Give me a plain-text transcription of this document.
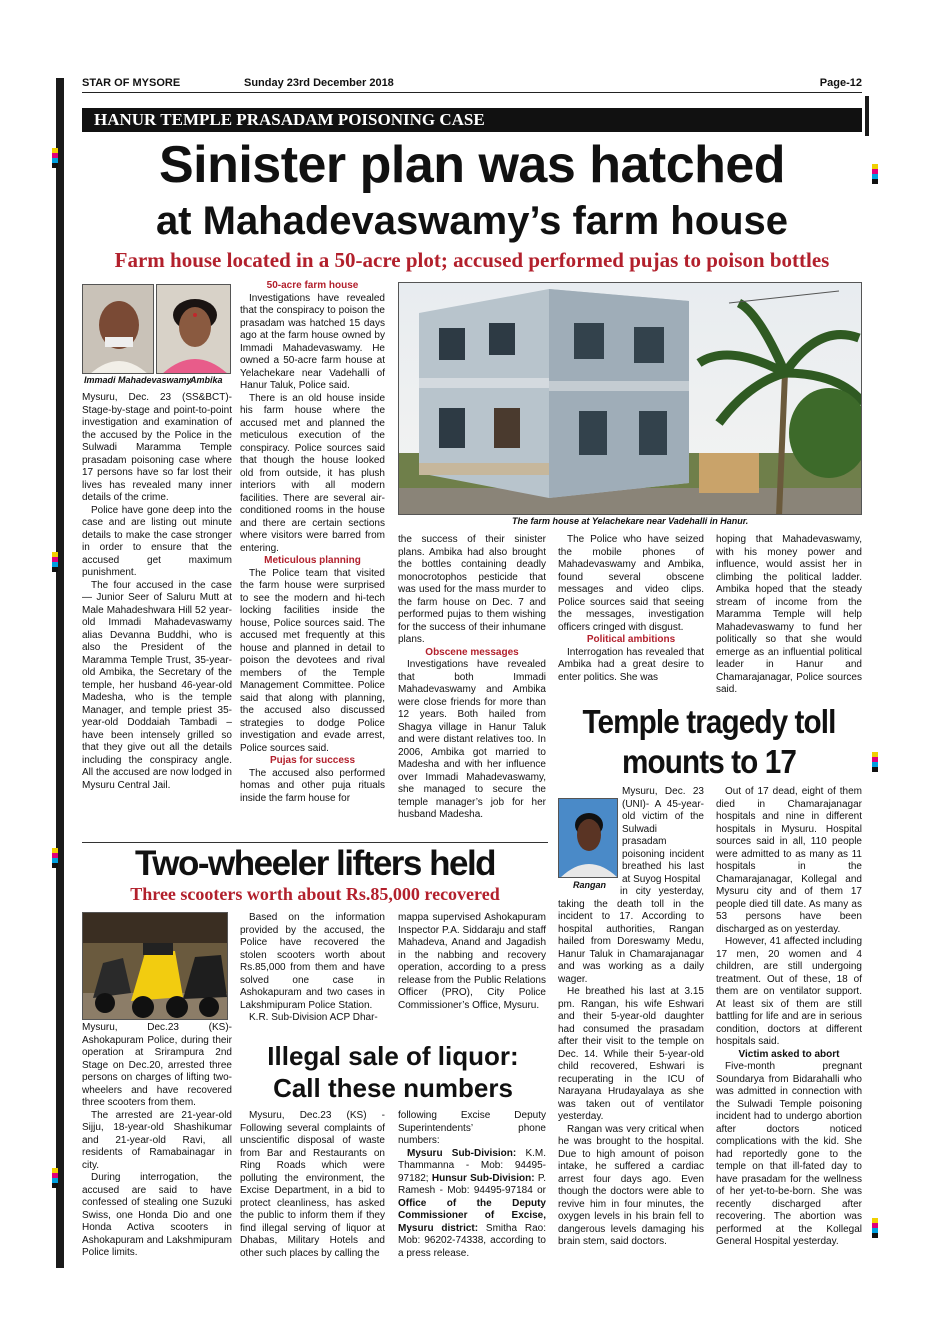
STAR OF MYSORE	Sunday 23rd December 2018	Page-12
HANUR TEMPLE PRASADAM POISONING CASE
Sinister plan was hatched
at Mahadevaswamy’s farm house
Farm house located in a 50-acre plot; accused performed pujas to poison bottles
Immadi Mahadevaswamy
Ambika

Mysuru, Dec. 23 (SS&BCT)- Stage-by-stage and point-to-point investigation and examination of the accused by the Police in the Sulwadi Maramma Temple prasadam poisoning case where 17 persons have so far lost their lives has revealed many inner details of the crime.

Police have gone deep into the case and are listing out minute details to make the case stronger in order to ensure that the accused get maximum punishment.

The four accused in the case — Junior Seer of Saluru Mutt at Male Mahadeshwara Hill 52 year-old Immadi Mahadevaswamy alias Devanna Buddhi, who is also the President of the Maramma Temple Trust, 35-year-old Ambika, the Secretary of the temple, her husband 46-year-old Madesha, who is the temple Manager, and temple priest 35-year-old Doddaiah Tambadi – have been intensely grilled so that they give out all the details including the conspiracy angle. All the accused are now lodged in Mysuru Central Jail.

50-acre farm house

Investigations have revealed that the conspiracy to poison the prasadam was hatched 15 days ago at the farm house owned by Immadi Mahadevaswamy. He owned a 50-acre farm house at Yelachekare near Vadehalli of Hanur Taluk, Police said.

There is an old house inside his farm house where the accused met and planned the meticulous execution of the conspiracy. Police sources said that though the house looked old from outside, it has plush interiors with all modern facilities. There are several air-conditioned rooms in the house and there are certain sections where visitors were barred from entering.

Meticulous planning

The Police team that visited the farm house were surprised to see the modern and hi-tech locking facilities inside the house, Police sources said. The accused met frequently at this house and planned in detail to poison the devotees and rival members of the Temple Management Committee. Police said that along with planning, the accused also discussed strategies to dodge Police investigation and evade arrest, Police sources said.

Pujas for success

The accused also performed homas and other puja rituals inside the farm house for

The farm house at Yelachekare near Vadehalli in Hanur.

the success of their sinister plans. Ambika had also brought the bottles containing deadly monocrotophos pesticide that was used for the mass murder to the farm house on Dec. 7 and performed pujas to them wishing for the success of their inhumane plans.

Obscene messages

Investigations have revealed that both Immadi Mahadevaswamy and Ambika were close friends for more than 12 years. Both hailed from Shagya village in Hanur Taluk and were distant relatives too. In 2006, Ambika got married to Madesha and with her influence over Immadi Mahadevaswamy, she managed to secure the temple manager’s job for her husband Madesha.

The Police who have seized the mobile phones of Mahadevaswamy and Ambika, found several obscene messages and video clips. Police sources said that seeing the messages, investigation officers cringed with disgust.

Political ambitions

Interrogation has revealed that Ambika had a great desire to enter politics. She was

hoping that Mahadevaswamy, with his money power and influence, would assist her in climbing the political ladder. Ambika hoped that the steady stream of income from the Maramma Temple will help Mahadevaswamy to fund her politically so that she would emerge as an influential political leader in Hanur and Chamarajanagar, Police sources said.

Temple tragedy toll
mounts to 17
Rangan

Mysuru, Dec. 23 (UNI)- A 45-year-old victim of the Sulwadi prasadam poisoning incident breathed his last at Suyog Hospital

in city yesterday, taking the death toll in the incident to 17. According to hospital authorities, Rangan hailed from Doreswamy Medu, Hanur Taluk in Chamarajanagar and was working as a daily wager.

He breathed his last at 3.15 pm. Rangan, his wife Eshwari and their 5-year-old daughter had consumed the prasadam after their visit to the temple on Dec. 14. While their 5-year-old child recovered, Eshwari is recuperating in the ICU of Narayana Hrudayalaya as she was taken out of ventilator yesterday.

Rangan was very critical when he was brought to the hospital. Due to high amount of poison intake, he suffered a cardiac arrest four days ago. Even though the doctors were able to revive him in four minutes, the oxygen levels in his brain fell to dangerous levels damaging his brain stem, said doctors.

Out of 17 dead, eight of them died in Chamarajanagar hospitals and nine in different hospitals in Mysuru. Hospital sources said in all, 110 people were admitted to as many as 11 hospitals in the Chamarajanagar, Kollegal and Mysuru city and of them 17 people died till date. As many as 53 persons have been discharged as on yesterday.

However, 41 affected including 17 men, 20 women and 4 children, are still undergoing treatment. Out of these, 18 of them are on ventilator support. At least six of them are still battling for life and are in serious condition, doctors at different hospitals said.

Victim asked to abort

Five-month pregnant Soundarya from Bidarahalli who was admitted in connection with the Sulwadi Temple poisoning incident had to undergo abortion after doctors noticed complications with the kid. She had reportedly gone to the temple on that ill-fated day to have prasadam for the wellness of her yet-to-be-born. She was recently discharged after recovering. The abortion was performed at the Kollegal General Hospital yesterday.

Two-wheeler lifters held
Three scooters worth about Rs.85,000 recovered

Mysuru, Dec.23 (KS)- Ashokapuram Police, during their operation at Srirampura 2nd Stage on Dec.20, arrested three persons on charges of lifting two-wheelers and have recovered three scooters from them.

The arrested are 21-year-old Sijju, 18-year-old Shashikumar and 21-year-old Ravi, all residents of Ramabainagar in city.

During interrogation, the accused are said to have confessed of stealing one Suzuki Swiss, one Honda Dio and one Honda Activa scooters in Ashokapuram and Lakshmipuram Police limits.

Based on the information provided by the accused, the Police have recovered the stolen scooters worth about Rs.85,000 from them and have solved one case in Ashokapuram and two cases in Lakshmipuram Police Station.

K.R. Sub-Division ACP Dhar-

mappa supervised Ashokapuram Inspector P.A. Siddaraju and staff Mahadeva, Anand and Jagadish in the nabbing and recovery operation, according to a press release from the Public Relations Officer (PRO), City Police Commissioner’s Office, Mysuru.

Illegal sale of liquor:
Call these numbers

Mysuru, Dec.23 (KS) - Following several complaints of unscientific disposal of waste from Bar and Restaurants on Ring Roads which were polluting the environment, the Excise Department, in a bid to protect cleanliness, has asked the public to inform them if they find illegal serving of liquor at Dhabas, Military Hotels and other such places by calling the

following Excise Deputy Superintendents’ phone numbers:

Mysuru Sub-Division: K.M. Thammanna - Mob: 94495-97182; Hunsur Sub-Division: P. Ramesh - Mob: 94495-97184 or Office of the Deputy Commissioner of Excise, Mysuru district: Smitha Rao: Mob: 96202-74338, according to a press release.
